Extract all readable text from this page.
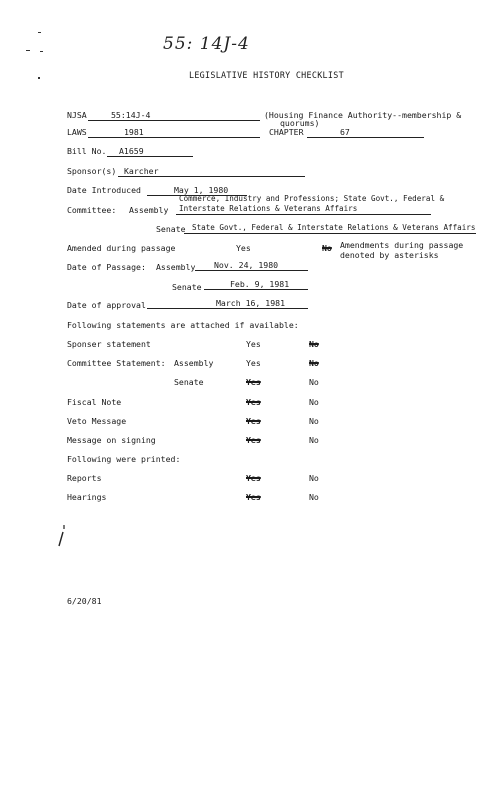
55: 14J-4
LEGISLATIVE HISTORY CHECKLIST
NJSA	55:14J-4	(Housing Finance Authority--membership &
quorums)
LAWS	1981	CHAPTER	67
Bill No. A1659
Sponsor(s) Karcher
Date Introduced	May 1, 1980
Commerce, Industry and Professions; State Govt., Federal &
Committee: Assembly Interstate Relations & Veterans Affairs
Senate State Govt., Federal & Interstate Relations & Veterans Affairs
Amended during passage	Yes	No Amendments during passage
denoted by asterisks
Date of Passage: Assembly Nov. 24, 1980
Senate	Feb. 9, 1981
Date of approval	March 16, 1981
Following statements are attached if available:
Sponser statement	Yes	No
Committee Statement: Assembly	Yes	No
Senate	Yes	No
Fiscal Note	Yes	No
Veto Message	Yes	No
Message on signing	Yes	No
Following were printed:
Reports	Yes	No
Hearings	Yes	No
6/20/81
